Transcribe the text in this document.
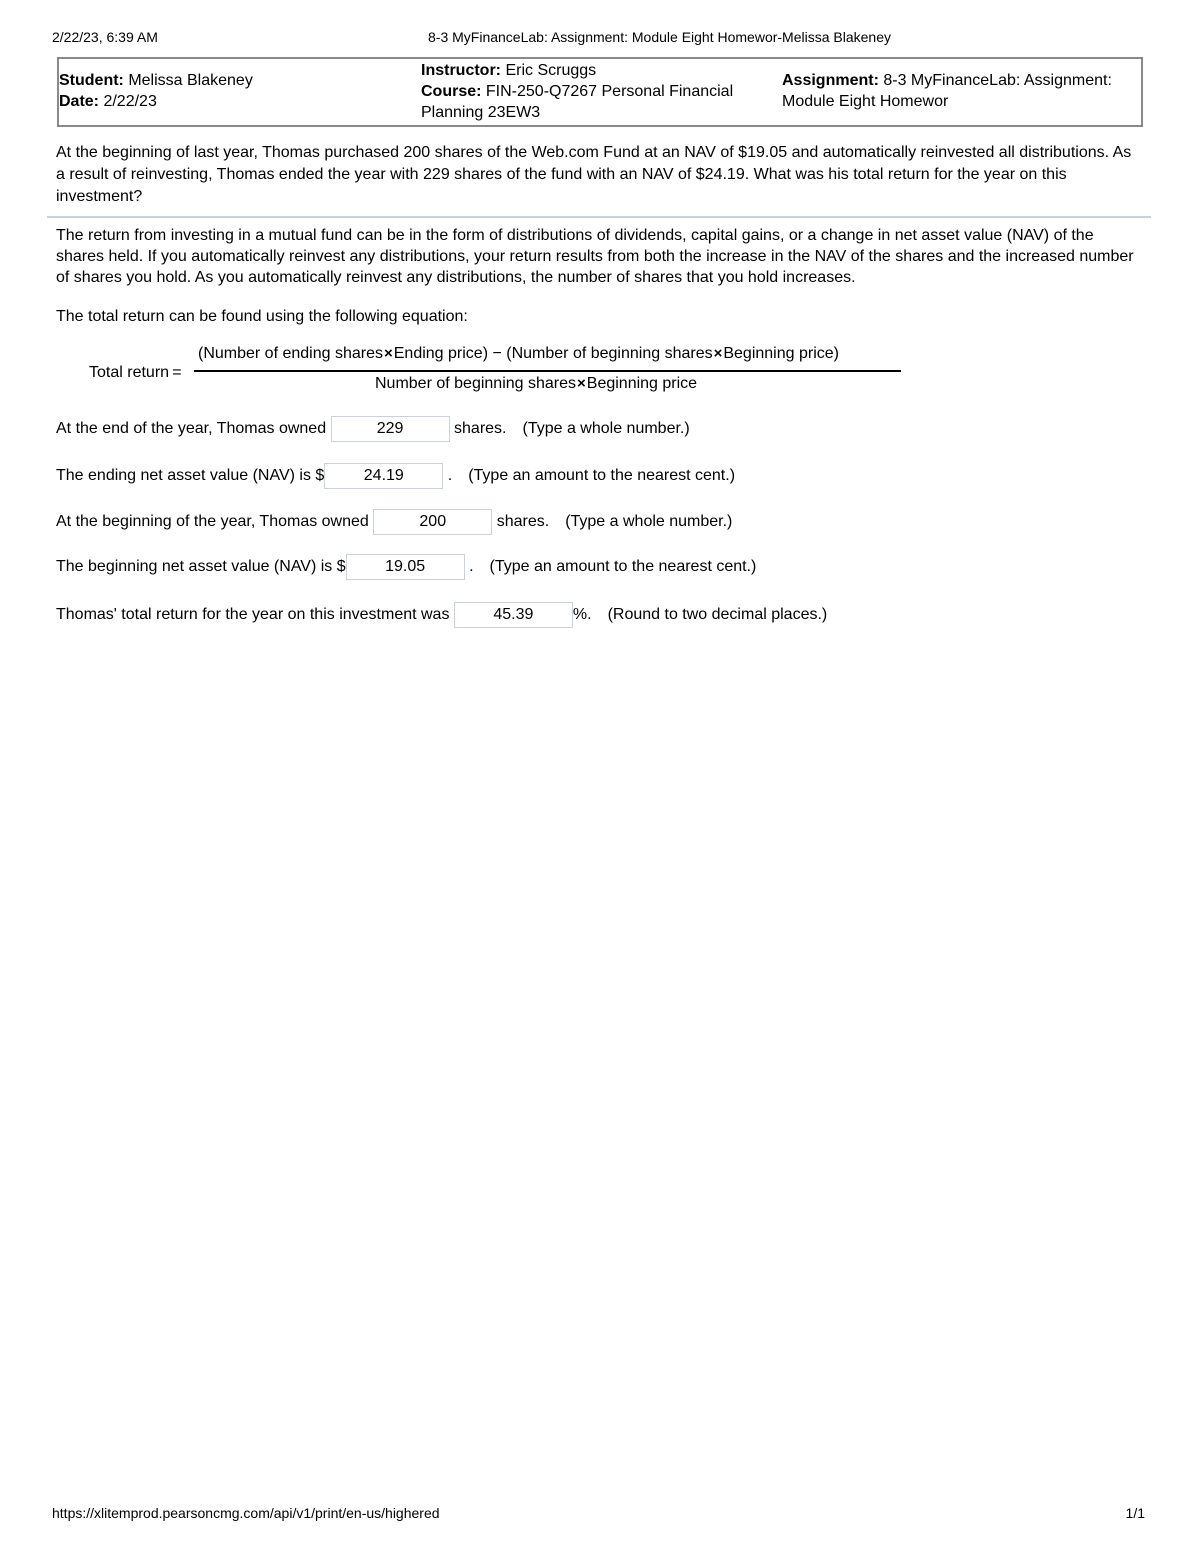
2/22/23, 6:39 AM	8-3 MyFinanceLab: Assignment: Module Eight Homewor-Melissa Blakeney
Student: Melissa Blakeney
Date: 2/22/23
Instructor: Eric Scruggs
Course: FIN-250-Q7267 Personal Financial Planning 23EW3
Assignment: 8-3 MyFinanceLab: Assignment: Module Eight Homewor
At the beginning of last year, Thomas purchased 200 shares of the Web.com Fund at an NAV of $19.05 and automatically reinvested all distributions. As a result of reinvesting, Thomas ended the year with 229 shares of the fund with an NAV of $24.19. What was his total return for the year on this investment?
The return from investing in a mutual fund can be in the form of distributions of dividends, capital gains, or a change in net asset value (NAV) of the shares held. If you automatically reinvest any distributions, your return results from both the increase in the NAV of the shares and the increased number of shares you hold. As you automatically reinvest any distributions, the number of shares that you hold increases.
The total return can be found using the following equation:
Total return =
(Number of ending shares×Ending price) − (Number of beginning shares×Beginning price)
Number of beginning shares×Beginning price
At the end of the year, Thomas owned	229	shares. (Type a whole number.)
The ending net asset value (NAV) is $ 24.19	. (Type an amount to the nearest cent.)
At the beginning of the year, Thomas owned	200	shares. (Type a whole number.)
The beginning net asset value (NAV) is $ 19.05	. (Type an amount to the nearest cent.)
Thomas' total return for the year on this investment was	45.39 %. (Round to two decimal places.)
https://xlitemprod.pearsoncmg.com/api/v1/print/en-us/highered	1/1
